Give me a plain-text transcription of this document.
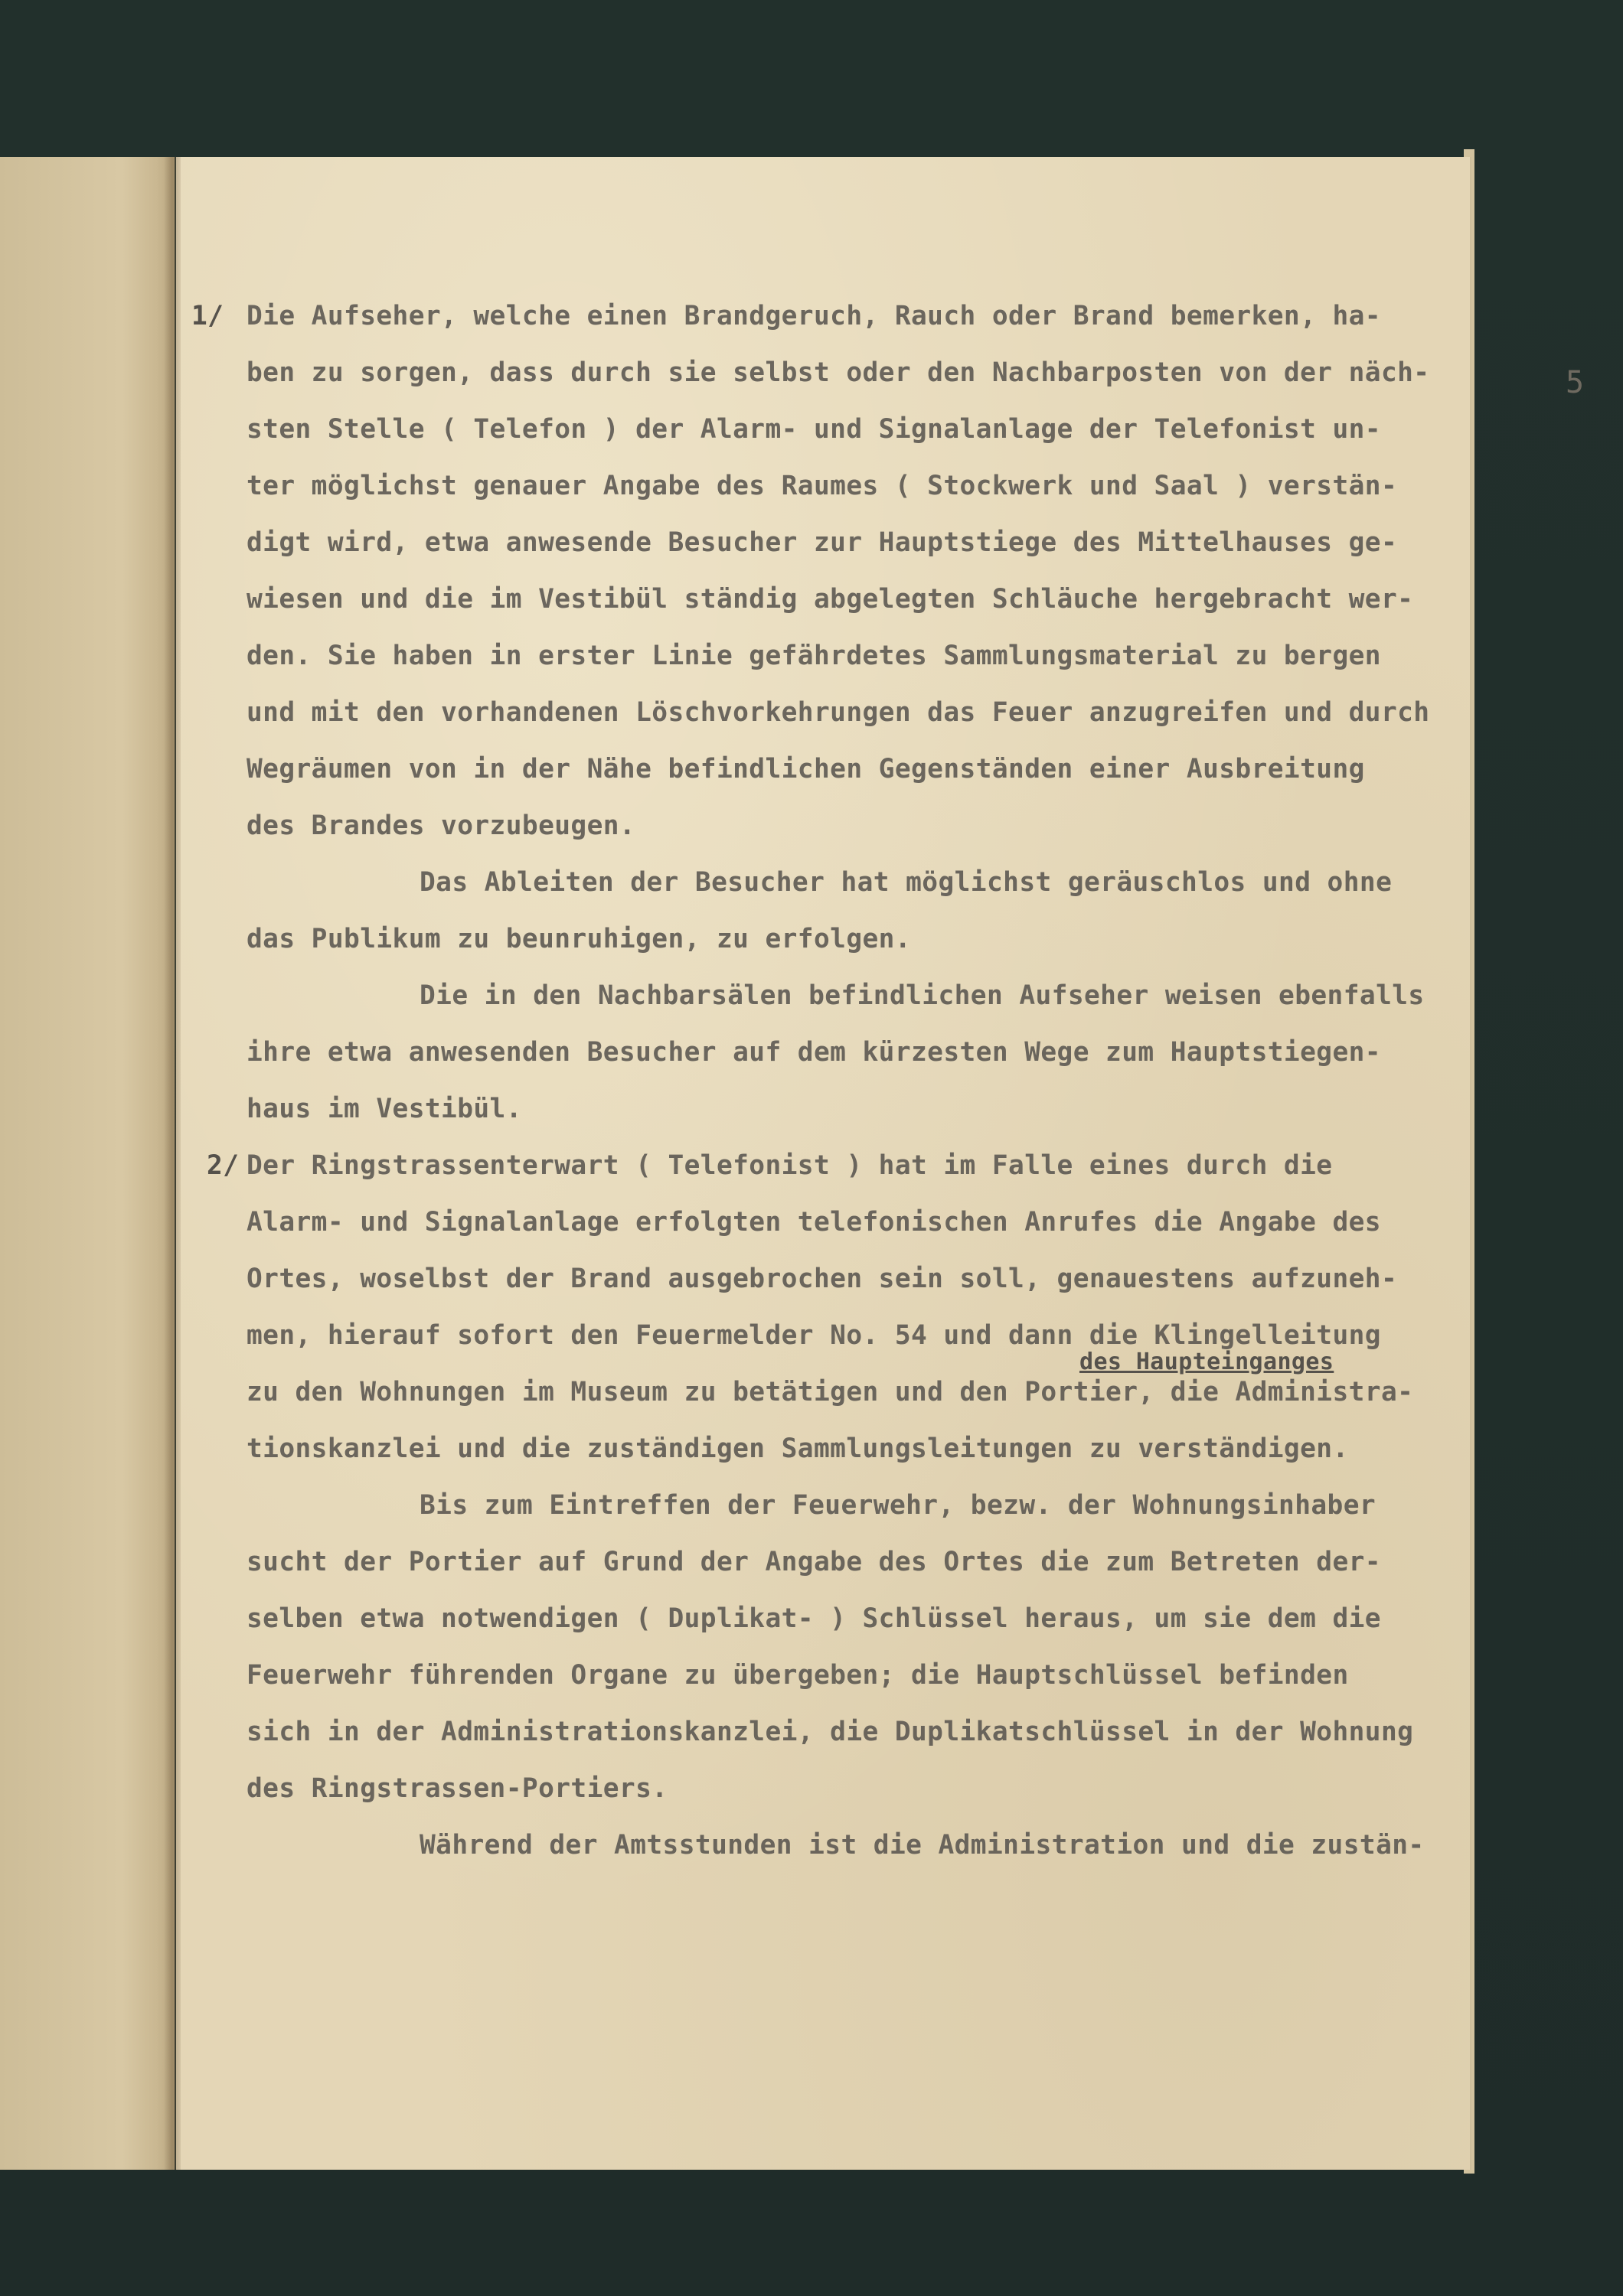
5
1/ Die Aufseher, welche einen Brandgeruch, Rauch oder Brand bemerken, ha-
ben zu sorgen, dass durch sie selbst oder den Nachbarposten von der näch-
sten Stelle ( Telefon ) der Alarm- und Signalanlage der Telefonist un-
ter möglichst genauer Angabe des Raumes ( Stockwerk und Saal ) verstän-
digt wird, etwa anwesende Besucher zur Hauptstiege des Mittelhauses ge-
wiesen und die im Vestibül ständig abgelegten Schläuche hergebracht wer-
den. Sie haben in erster Linie gefährdetes Sammlungsmaterial zu bergen
und mit den vorhandenen Löschvorkehrungen das Feuer anzugreifen und durch
Wegräumen von in der Nähe befindlichen Gegenständen einer Ausbreitung
des Brandes vorzubeugen.
Das Ableiten der Besucher hat möglichst geräuschlos und ohne
das Publikum zu beunruhigen, zu erfolgen.
Die in den Nachbarsälen befindlichen Aufseher weisen ebenfalls
ihre etwa anwesenden Besucher auf dem kürzesten Wege zum Hauptstiegen-
haus im Vestibül.
2/ Der Ringstrassenterwart ( Telefonist ) hat im Falle eines durch die
Alarm- und Signalanlage erfolgten telefonischen Anrufes die Angabe des
Ortes, woselbst der Brand ausgebrochen sein soll, genauestens aufzuneh-
men, hierauf sofort den Feuermelder No. 54 und dann die Klingelleitung
des Haupteinganges
zu den Wohnungen im Museum zu betätigen und den Portier, die Administra-
tionskanzlei und die zuständigen Sammlungsleitungen zu verständigen.
Bis zum Eintreffen der Feuerwehr, bezw. der Wohnungsinhaber
sucht der Portier auf Grund der Angabe des Ortes die zum Betreten der-
selben etwa notwendigen ( Duplikat- ) Schlüssel heraus, um sie dem die
Feuerwehr führenden Organe zu übergeben; die Hauptschlüssel befinden
sich in der Administrationskanzlei, die Duplikatschlüssel in der Wohnung
des Ringstrassen-Portiers.
Während der Amtsstunden ist die Administration und die zustän-
